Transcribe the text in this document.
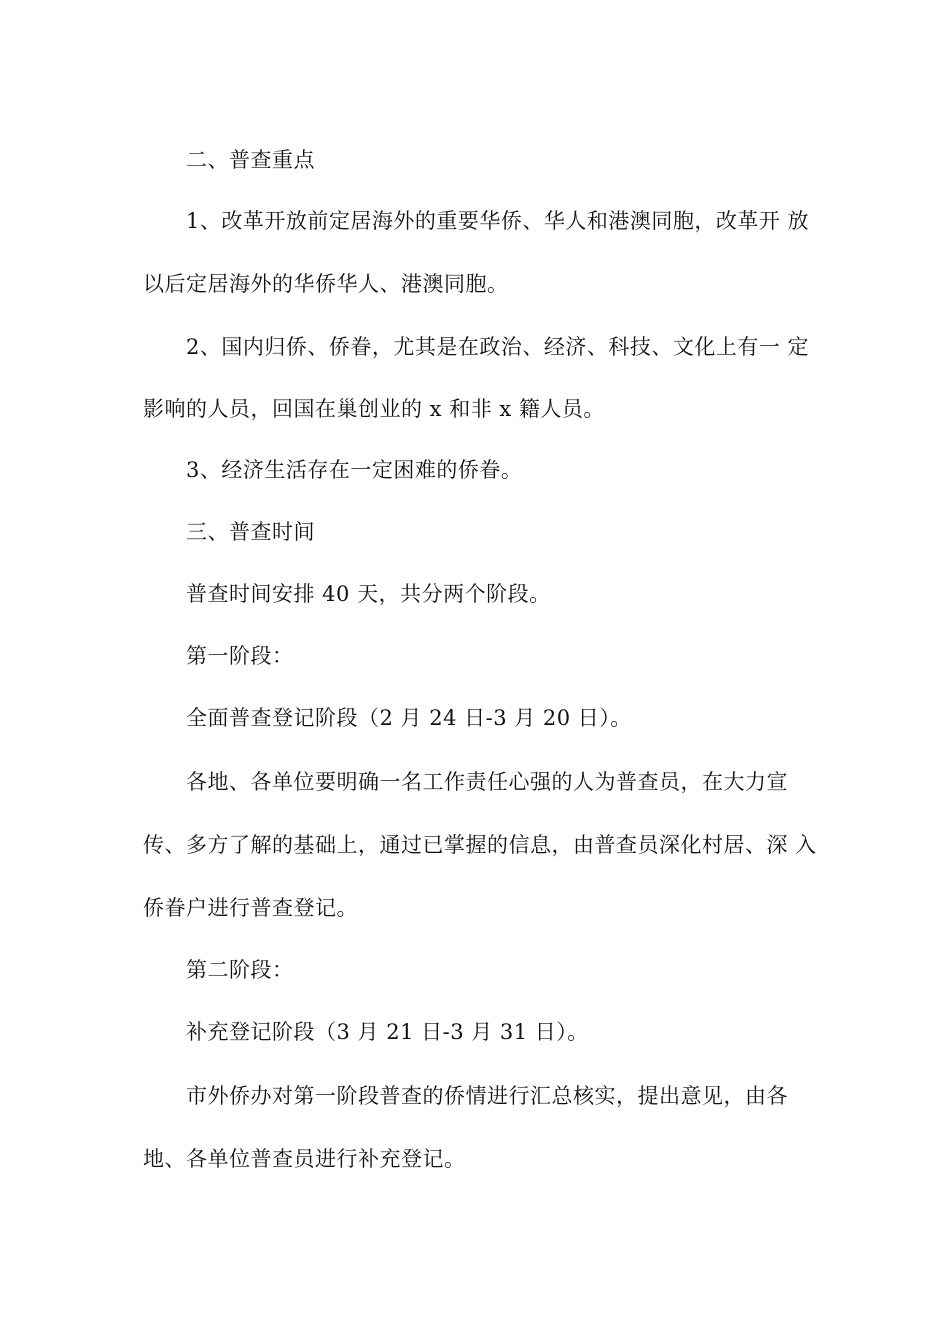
二、普查重点
1、改革开放前定居海外的重要华侨、华人和港澳同胞，改革开 放
以后定居海外的华侨华人、港澳同胞。
2、国内归侨、侨眷，尤其是在政治、经济、科技、文化上有一 定
影响的人员，回国在巢创业的 x 和非 x 籍人员。
3、经济生活存在一定困难的侨眷。
三、普查时间
普查时间安排 40 天，共分两个阶段。
第一阶段：
全面普查登记阶段（2 月 24 日-3 月 20 日）。
各地、各单位要明确一名工作责任心强的人为普查员，在大力宣
传、多方了解的基础上，通过已掌握的信息，由普查员深化村居、深 入
侨眷户进行普查登记。
第二阶段：
补充登记阶段（3 月 21 日-3 月 31 日）。
市外侨办对第一阶段普查的侨情进行汇总核实，提出意见，由各
地、各单位普查员进行补充登记。
